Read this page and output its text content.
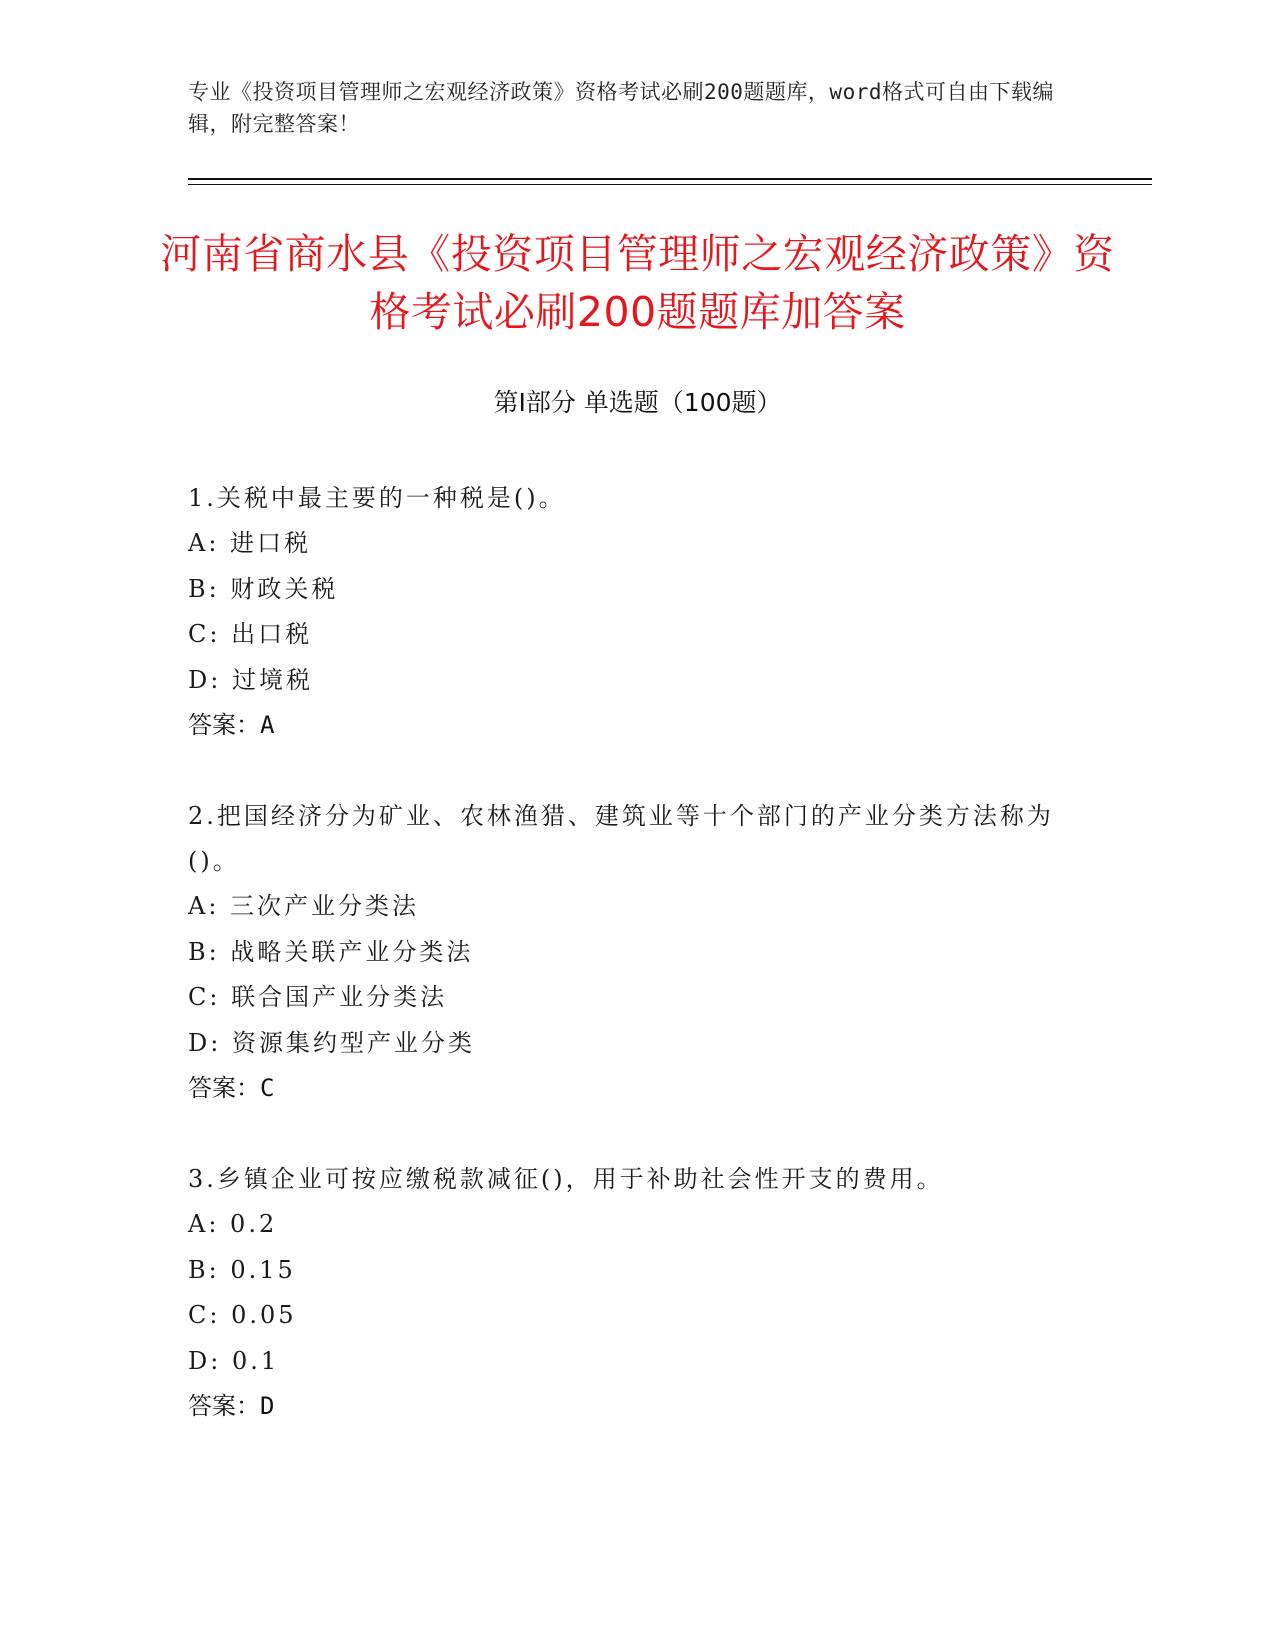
专业《投资项目管理师之宏观经济政策》资格考试必刷200题题库，word格式可自由下载编辑，附完整答案！
河南省商水县《投资项目管理师之宏观经济政策》资格考试必刷200题题库加答案
第Ⅰ部分 单选题（100题）

1.关税中最主要的一种税是()。

A: 进口税

B: 财政关税

C: 出口税

D: 过境税

答案：A

2.把国经济分为矿业、农林渔猎、建筑业等十个部门的产业分类方法称为()。

A: 三次产业分类法

B: 战略关联产业分类法

C: 联合国产业分类法

D: 资源集约型产业分类

答案：C

3.乡镇企业可按应缴税款减征()，用于补助社会性开支的费用。

A: 0.2

B: 0.15

C: 0.05

D: 0.1

答案：D
